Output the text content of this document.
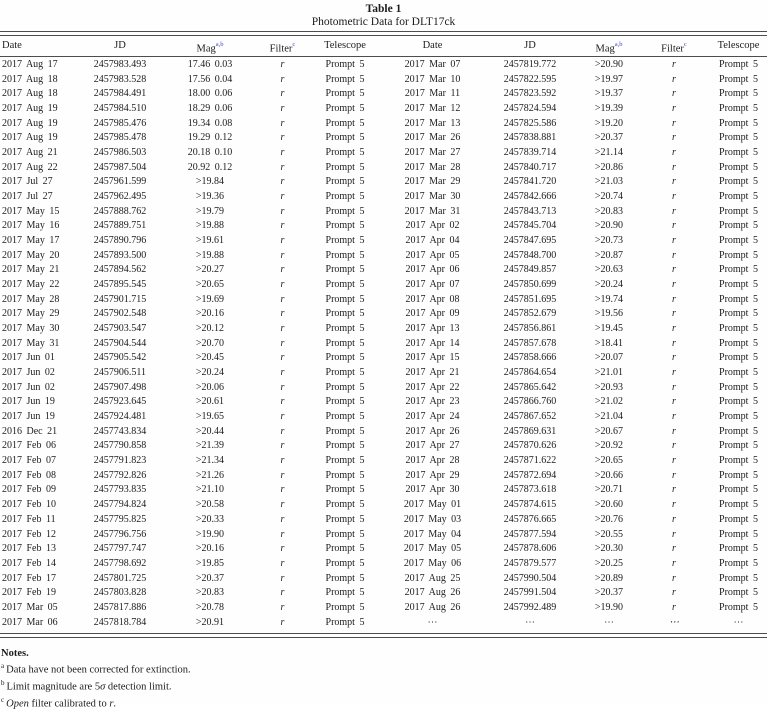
Table 1
Photometric Data for DLT17ck
Date	JD	Mag$^{a,b}$	Filter$^c$	Telescope	Date	JD	Mag$^{a,b}$	Filter$^c$	Telescope
2017 Aug 17	2457983.493	17.46 0.03	r	Prompt 5	2017 Mar 07	2457819.772	>20.90	r	Prompt 5
2017 Aug 18	2457983.528	17.56 0.04	r	Prompt 5	2017 Mar 10	2457822.595	>19.97	r	Prompt 5
2017 Aug 18	2457984.491	18.00 0.06	r	Prompt 5	2017 Mar 11	2457823.592	>19.37	r	Prompt 5
2017 Aug 19	2457984.510	18.29 0.06	r	Prompt 5	2017 Mar 12	2457824.594	>19.39	r	Prompt 5
2017 Aug 19	2457985.476	19.34 0.08	r	Prompt 5	2017 Mar 13	2457825.586	>19.20	r	Prompt 5
2017 Aug 19	2457985.478	19.29 0.12	r	Prompt 5	2017 Mar 26	2457838.881	>20.37	r	Prompt 5
2017 Aug 21	2457986.503	20.18 0.10	r	Prompt 5	2017 Mar 27	2457839.714	>21.14	r	Prompt 5
2017 Aug 22	2457987.504	20.92 0.12	r	Prompt 5	2017 Mar 28	2457840.717	>20.86	r	Prompt 5
2017 Jul 27	2457961.599	>19.84	r	Prompt 5	2017 Mar 29	2457841.720	>21.03	r	Prompt 5
2017 Jul 27	2457962.495	>19.36	r	Prompt 5	2017 Mar 30	2457842.666	>20.74	r	Prompt 5
2017 May 15	2457888.762	>19.79	r	Prompt 5	2017 Mar 31	2457843.713	>20.83	r	Prompt 5
2017 May 16	2457889.751	>19.88	r	Prompt 5	2017 Apr 02	2457845.704	>20.90	r	Prompt 5
2017 May 17	2457890.796	>19.61	r	Prompt 5	2017 Apr 04	2457847.695	>20.73	r	Prompt 5
2017 May 20	2457893.500	>19.88	r	Prompt 5	2017 Apr 05	2457848.700	>20.87	r	Prompt 5
2017 May 21	2457894.562	>20.27	r	Prompt 5	2017 Apr 06	2457849.857	>20.63	r	Prompt 5
2017 May 22	2457895.545	>20.65	r	Prompt 5	2017 Apr 07	2457850.699	>20.24	r	Prompt 5
2017 May 28	2457901.715	>19.69	r	Prompt 5	2017 Apr 08	2457851.695	>19.74	r	Prompt 5
2017 May 29	2457902.548	>20.16	r	Prompt 5	2017 Apr 09	2457852.679	>19.56	r	Prompt 5
2017 May 30	2457903.547	>20.12	r	Prompt 5	2017 Apr 13	2457856.861	>19.45	r	Prompt 5
2017 May 31	2457904.544	>20.70	r	Prompt 5	2017 Apr 14	2457857.678	>18.41	r	Prompt 5
2017 Jun 01	2457905.542	>20.45	r	Prompt 5	2017 Apr 15	2457858.666	>20.07	r	Prompt 5
2017 Jun 02	2457906.511	>20.24	r	Prompt 5	2017 Apr 21	2457864.654	>21.01	r	Prompt 5
2017 Jun 02	2457907.498	>20.06	r	Prompt 5	2017 Apr 22	2457865.642	>20.93	r	Prompt 5
2017 Jun 19	2457923.645	>20.61	r	Prompt 5	2017 Apr 23	2457866.760	>21.02	r	Prompt 5
2017 Jun 19	2457924.481	>19.65	r	Prompt 5	2017 Apr 24	2457867.652	>21.04	r	Prompt 5
2016 Dec 21	2457743.834	>20.44	r	Prompt 5	2017 Apr 26	2457869.631	>20.67	r	Prompt 5
2017 Feb 06	2457790.858	>21.39	r	Prompt 5	2017 Apr 27	2457870.626	>20.92	r	Prompt 5
2017 Feb 07	2457791.823	>21.34	r	Prompt 5	2017 Apr 28	2457871.622	>20.65	r	Prompt 5
2017 Feb 08	2457792.826	>21.26	r	Prompt 5	2017 Apr 29	2457872.694	>20.66	r	Prompt 5
2017 Feb 09	2457793.835	>21.10	r	Prompt 5	2017 Apr 30	2457873.618	>20.71	r	Prompt 5
2017 Feb 10	2457794.824	>20.58	r	Prompt 5	2017 May 01	2457874.615	>20.60	r	Prompt 5
2017 Feb 11	2457795.825	>20.33	r	Prompt 5	2017 May 03	2457876.665	>20.76	r	Prompt 5
2017 Feb 12	2457796.756	>19.90	r	Prompt 5	2017 May 04	2457877.594	>20.55	r	Prompt 5
2017 Feb 13	2457797.747	>20.16	r	Prompt 5	2017 May 05	2457878.606	>20.30	r	Prompt 5
2017 Feb 14	2457798.692	>19.85	r	Prompt 5	2017 May 06	2457879.577	>20.25	r	Prompt 5
2017 Feb 17	2457801.725	>20.37	r	Prompt 5	2017 Aug 25	2457990.504	>20.89	r	Prompt 5
2017 Feb 19	2457803.828	>20.83	r	Prompt 5	2017 Aug 26	2457991.504	>20.37	r	Prompt 5
2017 Mar 05	2457817.886	>20.78	r	Prompt 5	2017 Aug 26	2457992.489	>19.90	r	Prompt 5
2017 Mar 06	2457818.784	>20.91	r	Prompt 5	⋯	⋯	⋯	⋯	⋯
Notes.
$^a$ Data have not been corrected for extinction.
$^b$ Limit magnitude are 5σ detection limit.
$^c$ Open filter calibrated to r.
